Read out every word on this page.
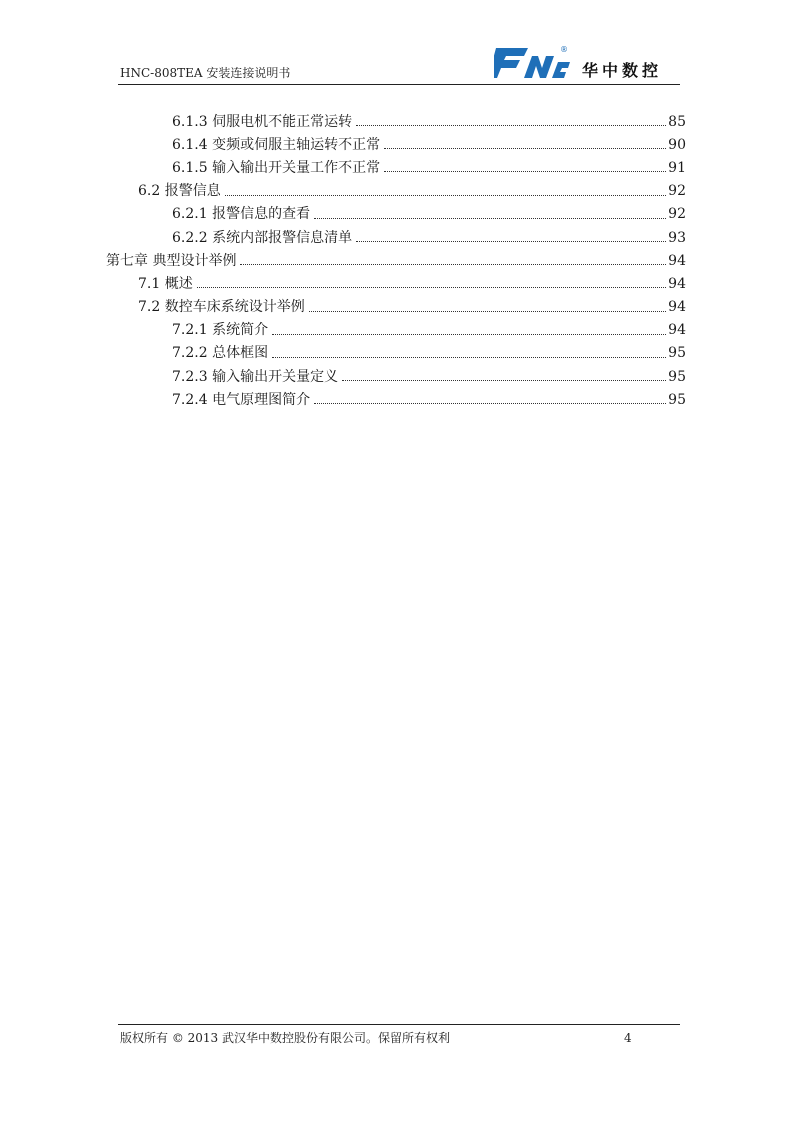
HNC-808TEA 安装连接说明书
®
华中数控
6.1.3 伺服电机不能正常运转	85
6.1.4 变频或伺服主轴运转不正常	90
6.1.5 输入输出开关量工作不正常	91
6.2 报警信息	92
6.2.1 报警信息的查看	92
6.2.2 系统内部报警信息清单	93
第七章 典型设计举例	94
7.1 概述	94
7.2 数控车床系统设计举例	94
7.2.1 系统简介	94
7.2.2 总体框图	95
7.2.3 输入输出开关量定义	95
7.2.4 电气原理图简介	95
版权所有 © 2013 武汉华中数控股份有限公司。保留所有权利	4
